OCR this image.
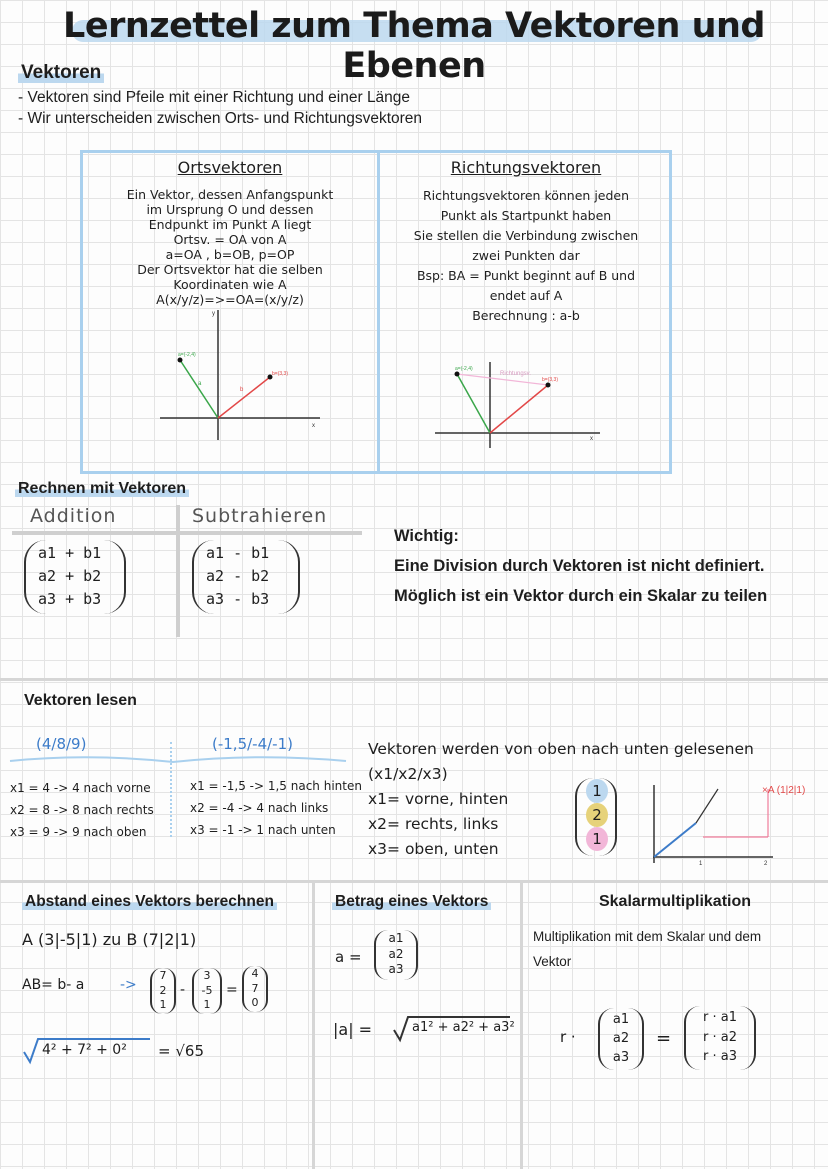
Lernzettel zum Thema Vektoren und Ebenen
Vektoren
- Vektoren sind Pfeile mit einer Richtung und einer Länge
- Wir unterscheiden zwischen Orts- und Richtungsvektoren
Ortsvektoren
Ein Vektor, dessen Anfangspunkt
im Ursprung O und dessen
Endpunkt im Punkt A liegt
Ortsv. = OA von A
a=OA , b=OB, p=OP
Der Ortsvektor hat die selben
Koordinaten wie A
A(x/y/z)=>=OA=(x/y/z)
a=(-2,4)
b=(3,3)
a
b
x
y
Richtungsvektoren
Richtungsvektoren können jeden
Punkt als Startpunkt haben
Sie stellen die Verbindung zwischen
zwei Punkten dar
Bsp: BA = Punkt beginnt auf B und
endet auf A
Berechnung : a-b
a=(-2,4)
b=(3,3)
Richtungsv.
x
Rechnen mit Vektoren
Addition	Subtrahieren
a1 + b1
a2 + b2
a3 + b3
a1 - b1
a2 - b2
a3 - b3
Wichtig:
Eine Division durch Vektoren ist nicht definiert.
Möglich ist ein Vektor durch ein Skalar zu teilen
Vektoren lesen
(4/8/9)	(-1,5/-4/-1)
x1 = 4 -> 4 nach vorne
x2 = 8 -> 8 nach rechts
x3 = 9 -> 9 nach oben
x1 = -1,5 -> 1,5 nach hinten
x2 = -4 -> 4 nach links
x3 = -1 -> 1 nach unten
Vektoren werden von oben nach unten gelesenen
(x1/x2/x3)
x1= vorne, hinten
x2= rechts, links
x3= oben, unten
1
2
1
1	2
×A (1|2|1)
Abstand eines Vektors berechnen
A (3|-5|1) zu B (7|2|1)
AB= b- a	->
7
2
1
-
3
-5
1
=
4
7
0
4² + 7² + 0² = √65
Betrag eines Vektors
a =
a1
a2
a3
|a| =	a1² + a2² + a3²
Skalarmultiplikation
Multiplikation mit dem Skalar und dem
Vektor
r ·
a1
a2
a3
=
r · a1
r · a2
r · a3
